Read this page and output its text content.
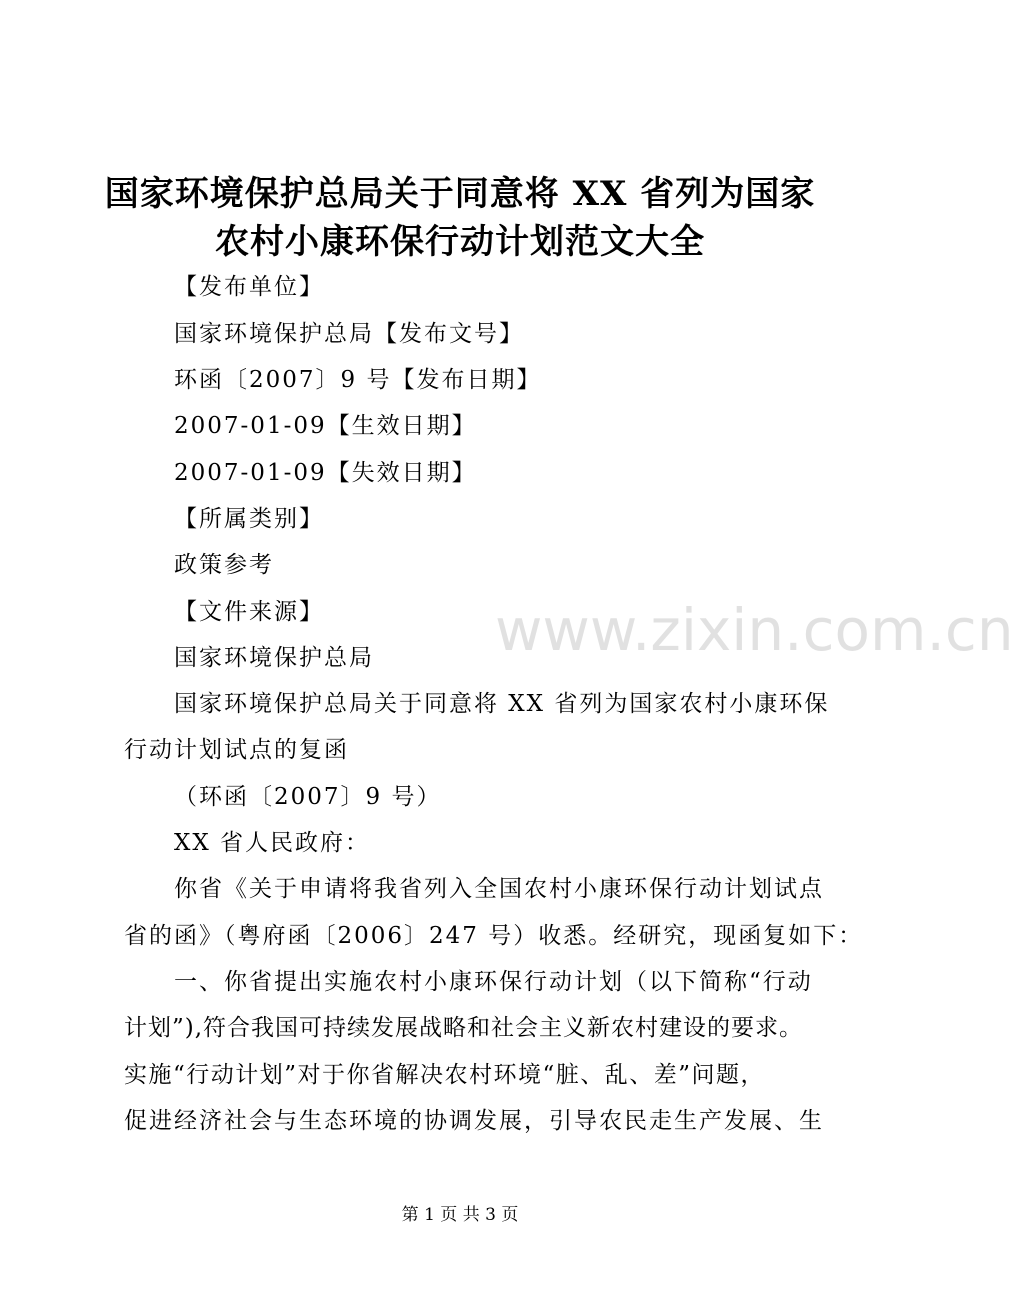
国家环境保护总局关于同意将 XX 省列为国家
农村小康环保行动计划范文大全
【发布单位】
国家环境保护总局【发布文号】
环函〔2007〕9 号【发布日期】
2007-01-09【生效日期】
2007-01-09【失效日期】
【所属类别】
政策参考
【文件来源】
国家环境保护总局
国家环境保护总局关于同意将 XX 省列为国家农村小康环保
行动计划试点的复函
（环函〔2007〕9 号）
XX 省人民政府：
你省《关于申请将我省列入全国农村小康环保行动计划试点
省的函》（粤府函〔2006〕247 号）收悉。经研究，现函复如下：
一、你省提出实施农村小康环保行动计划（以下简称“行动
计划”),符合我国可持续发展战略和社会主义新农村建设的要求。
实施“行动计划”对于你省解决农村环境“脏、乱、差”问题，
促进经济社会与生态环境的协调发展，引导农民走生产发展、生
www.zixin.com.cn
第 1 页 共 3 页
